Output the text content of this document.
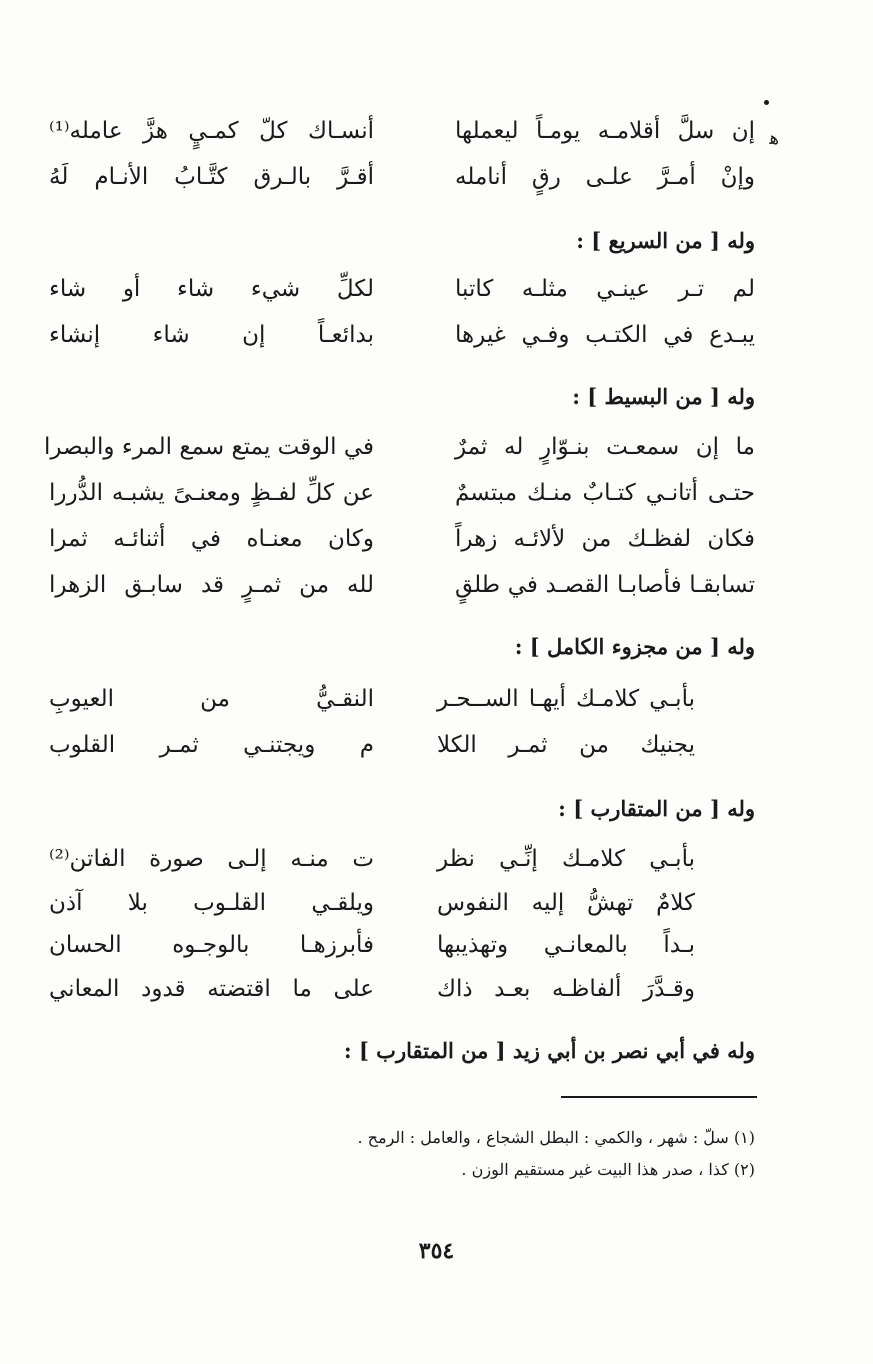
ﻫ
إن سلَّ أقلامـه يومـاً ليعملها
أنسـاك كلّ كمـيٍ هزَّ عامله⁽¹⁾
وإنْ أمـرَّ علـى رقٍ أنامله
أقـرَّ بالـرق كتَّـابُ الأنـام لَهُ
وله [ من السريع ] :
لم تـر عينـي مثلـه كاتبا
لكلِّ شيء شاء أو شاء
يبـدع في الكتـب وفـي غيرها
بدائعـاً إن شاء إنشاء
وله [ من البسيط ] :
ما إن سمعـت بنـوّارٍ له ثمرٌ
في الوقت يمتع سمع المرء والبصرا
حتـى أتانـي كتـابٌ منـك مبتسمٌ
عن كلِّ لفـظٍ ومعنـىً يشبـه الدُّررا
فكان لفظـك من لألائـه زهراً
وكان معنـاه في أثنائـه ثمرا
تسابقـا فأصابـا القصـد في طلقٍ
لله من ثمـرٍ قد سابـق الزهرا
وله [ من مجزوء الكامل ] :
بأبـي كلامـك أيهـا الســحـر
النقـيُّ من العيوبِ
يجنيك من ثمـر الكلا
م ويجتنـي ثمـر القلوب
وله [ من المتقارب ] :
بأبـي كلامـك إنِّـي نظر
ت منـه إلـى صورة الفاتن⁽²⁾
كلامٌ تهشُّ إليه النفوس
ويلقـي القلـوب بلا آذن
بـداً بالمعانـي وتهذيبها
فأبرزهـا بالوجـوه الحسان
وقـدَّرَ ألفاظـه بعـد ذاك
على ما اقتضته قدود المعاني
وله في أبي نصر بن أبي زيد [ من المتقارب ] :
(١) سلّ : شهر ، والكمي : البطل الشجاع ، والعامل : الرمح .
(٢) كذا ، صدر هذا البيت غير مستقيم الوزن .
٣٥٤
